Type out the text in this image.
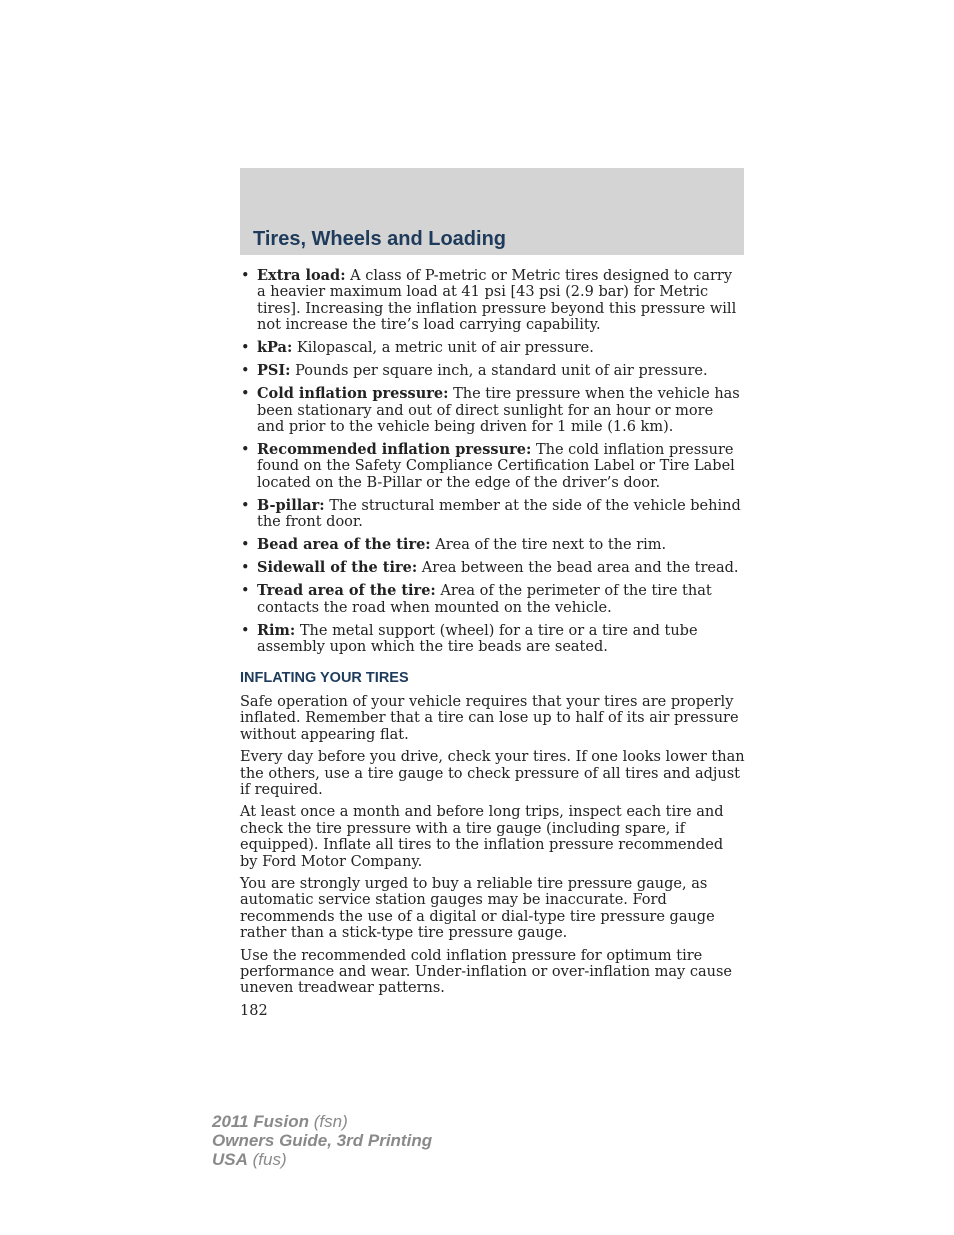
Tires, Wheels and Loading
• Extra load: A class of P-metric or Metric tires designed to carry a heavier maximum load at 41 psi [43 psi (2.9 bar) for Metric tires]. Increasing the inflation pressure beyond this pressure will not increase the tire’s load carrying capability.
• kPa: Kilopascal, a metric unit of air pressure.
• PSI: Pounds per square inch, a standard unit of air pressure.
• Cold inflation pressure: The tire pressure when the vehicle has been stationary and out of direct sunlight for an hour or more and prior to the vehicle being driven for 1 mile (1.6 km).
• Recommended inflation pressure: The cold inflation pressure found on the Safety Compliance Certification Label or Tire Label located on the B-Pillar or the edge of the driver’s door.
• B-pillar: The structural member at the side of the vehicle behind the front door.
• Bead area of the tire: Area of the tire next to the rim.
• Sidewall of the tire: Area between the bead area and the tread.
• Tread area of the tire: Area of the perimeter of the tire that contacts the road when mounted on the vehicle.
• Rim: The metal support (wheel) for a tire or a tire and tube assembly upon which the tire beads are seated.
INFLATING YOUR TIRES

Safe operation of your vehicle requires that your tires are properly inflated. Remember that a tire can lose up to half of its air pressure without appearing flat.

Every day before you drive, check your tires. If one looks lower than the others, use a tire gauge to check pressure of all tires and adjust if required.

At least once a month and before long trips, inspect each tire and check the tire pressure with a tire gauge (including spare, if equipped). Inflate all tires to the inflation pressure recommended by Ford Motor Company.

You are strongly urged to buy a reliable tire pressure gauge, as automatic service station gauges may be inaccurate. Ford recommends the use of a digital or dial-type tire pressure gauge rather than a stick-type tire pressure gauge.

Use the recommended cold inflation pressure for optimum tire performance and wear. Under-inflation or over-inflation may cause uneven treadwear patterns.

182

2011 Fusion (fsn)
Owners Guide, 3rd Printing
USA (fus)
